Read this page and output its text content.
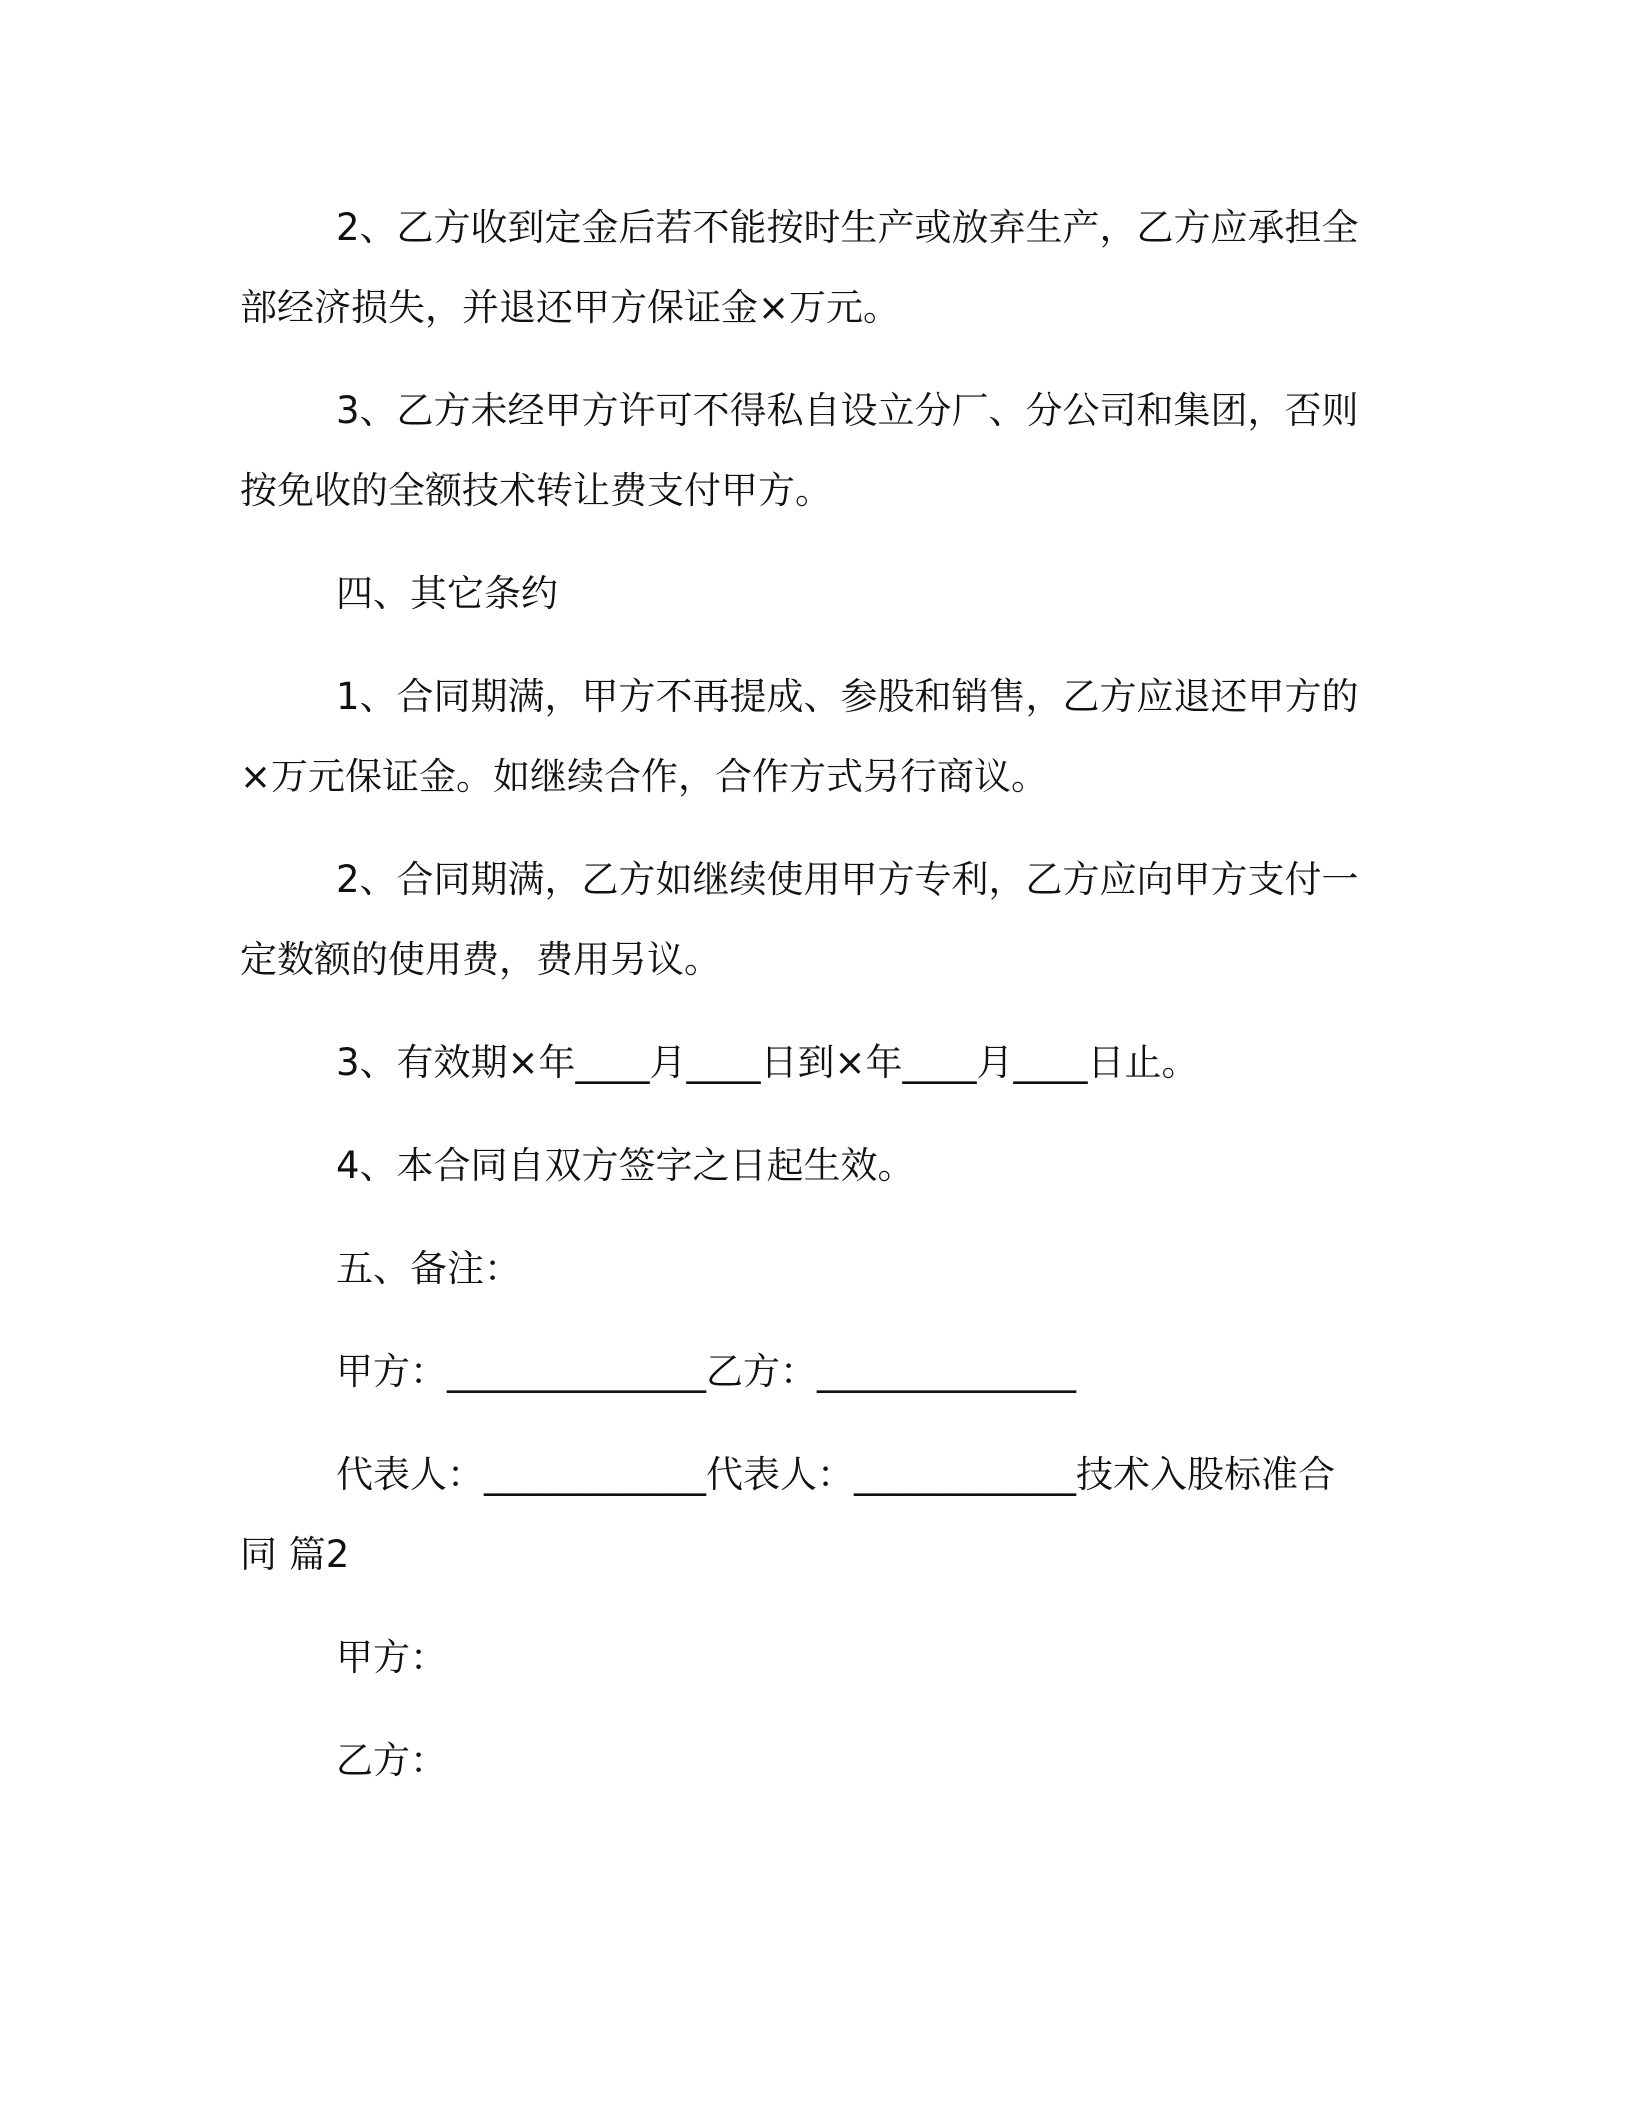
2、乙方收到定金后若不能按时生产或放弃生产，乙方应承担全部经济损失，并退还甲方保证金×万元。

3、乙方未经甲方许可不得私自设立分厂、分公司和集团，否则按免收的全额技术转让费支付甲方。

四、其它条约

1、合同期满，甲方不再提成、参股和销售，乙方应退还甲方的×万元保证金。如继续合作，合作方式另行商议。

2、合同期满，乙方如继续使用甲方专利，乙方应向甲方支付一定数额的使用费，费用另议。

3、有效期×年____月____日到×年____月____日止。

4、本合同自双方签字之日起生效。

五、备注：

甲方：______________乙方：______________

代表人：____________代表人：____________技术入股标准合同 篇2

甲方：

乙方：
